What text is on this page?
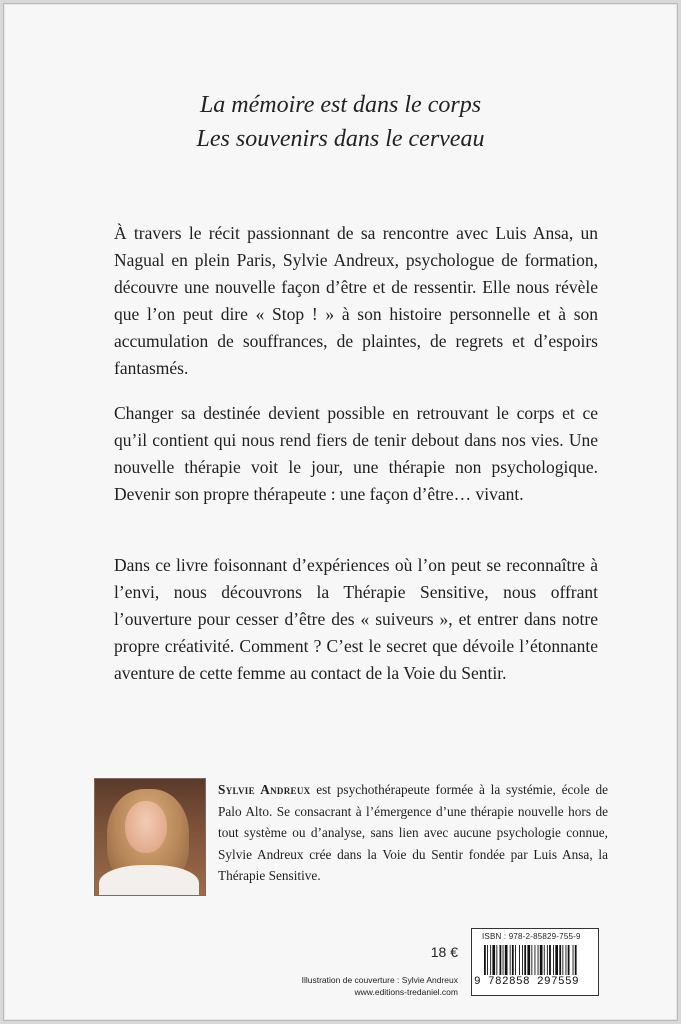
La mémoire est dans le corps
Les souvenirs dans le cerveau

À travers le récit passionnant de sa rencontre avec Luis Ansa, un Nagual en plein Paris, Sylvie Andreux, psychologue de formation, découvre une nouvelle façon d’être et de ressentir. Elle nous révèle que l’on peut dire « Stop ! » à son histoire personnelle et à son accumulation de souffrances, de plaintes, de regrets et d’espoirs fantasmés.

Changer sa destinée devient possible en retrouvant le corps et ce qu’il contient qui nous rend fiers de tenir debout dans nos vies. Une nouvelle thérapie voit le jour, une thérapie non psychologique. Devenir son propre thérapeute : une façon d’être… vivant.

Dans ce livre foisonnant d’expériences où l’on peut se reconnaître à l’envi, nous découvrons la Thérapie Sensitive, nous offrant l’ouverture pour cesser d’être des « suiveurs », et entrer dans notre propre créativité. Comment ? C’est le secret que dévoile l’étonnante aventure de cette femme au contact de la Voie du Sentir.

Sylvie Andreux est psychothérapeute formée à la systémie, école de Palo Alto. Se consacrant à l’émergence d’une thérapie nouvelle hors de tout système ou d’analyse, sans lien avec aucune psychologie connue, Sylvie Andreux crée dans la Voie du Sentir fondée par Luis Ansa, la Thérapie Sensitive.
18 €
Illustration de couverture : Sylvie Andreux
www.editions-tredaniel.com
ISBN : 978-2-85829-755-9
9 782858 297559
